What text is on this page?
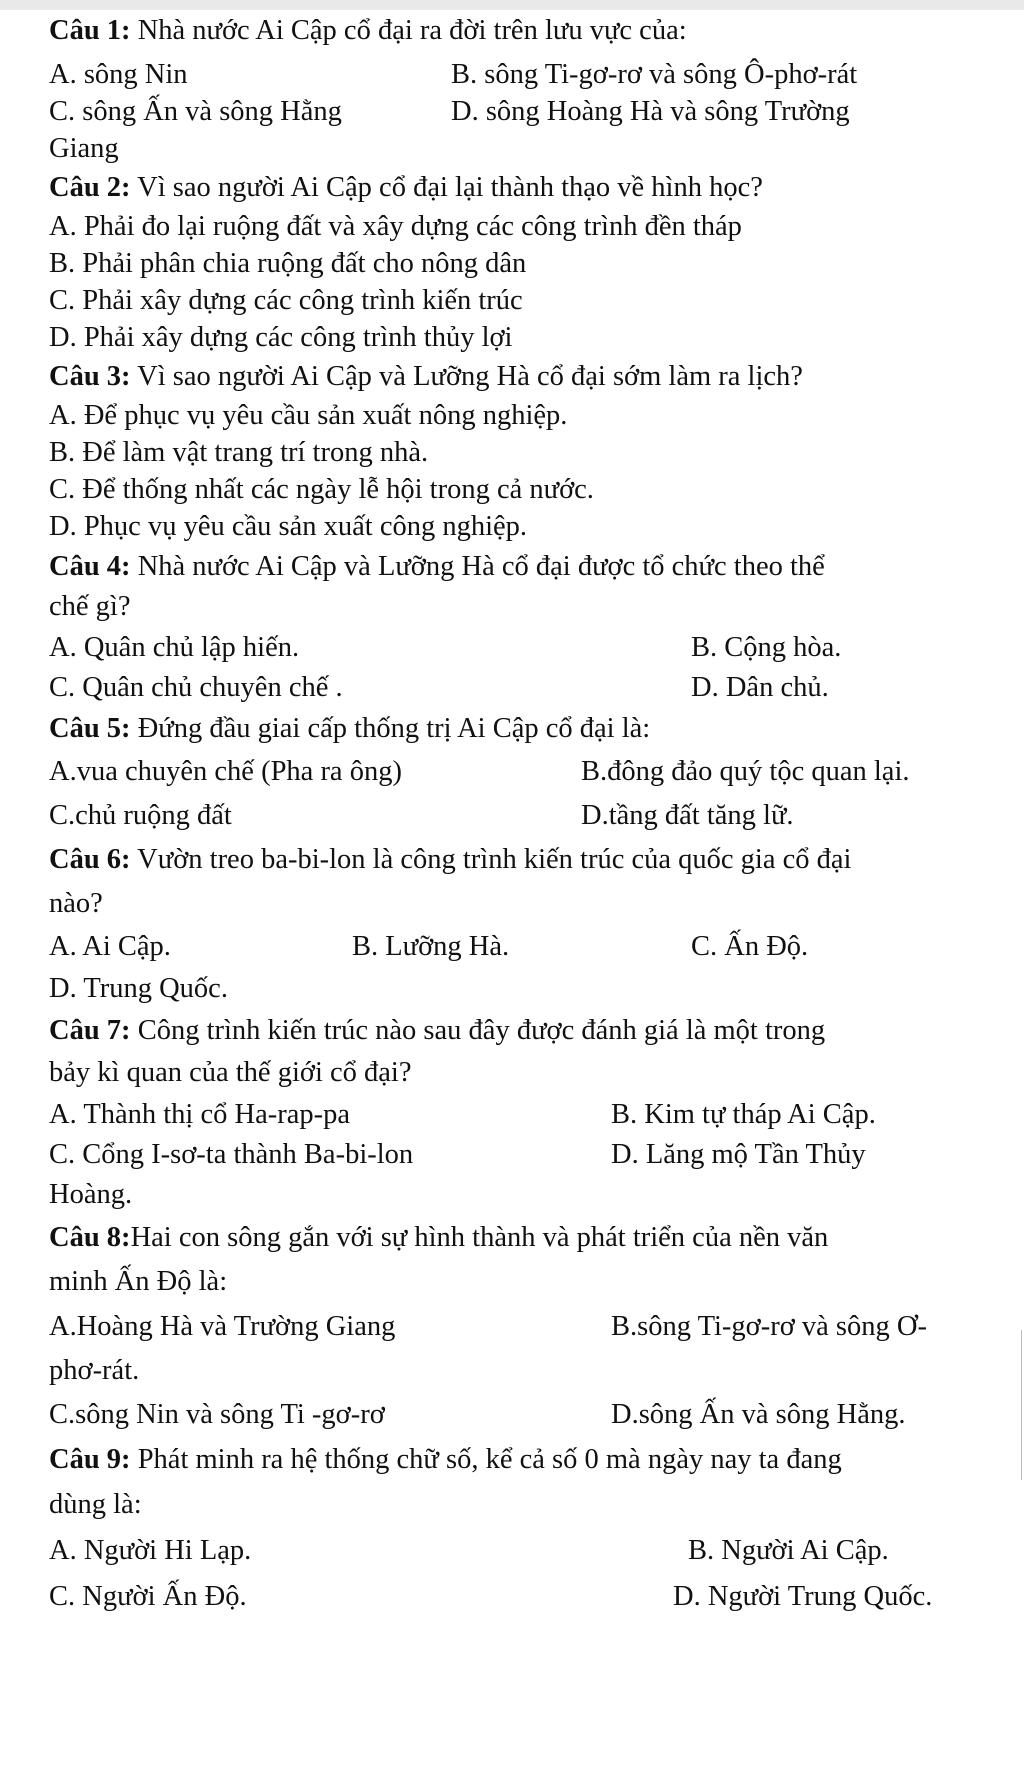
Câu 1: Nhà nước Ai Cập cổ đại ra đời trên lưu vực của:
A. sông Nin	B. sông Ti-gơ-rơ và sông Ô-phơ-rát
C. sông Ấn và sông Hằng	D. sông Hoàng Hà và sông Trường
Giang
Câu 2: Vì sao người Ai Cập cổ đại lại thành thạo về hình học?
A. Phải đo lại ruộng đất và xây dựng các công trình đền tháp
B. Phải phân chia ruộng đất cho nông dân
C. Phải xây dựng các công trình kiến trúc
D. Phải xây dựng các công trình thủy lợi
Câu 3: Vì sao người Ai Cập và Lưỡng Hà cổ đại sớm làm ra lịch?
A. Để phục vụ yêu cầu sản xuất nông nghiệp.
B. Để làm vật trang trí trong nhà.
C. Để thống nhất các ngày lễ hội trong cả nước.
D. Phục vụ yêu cầu sản xuất công nghiệp.
Câu 4: Nhà nước Ai Cập và Lưỡng Hà cổ đại được tổ chức theo thể
chế gì?
A. Quân chủ lập hiến.	B. Cộng hòa.
C. Quân chủ chuyên chế .	D. Dân chủ.
Câu 5: Đứng đầu giai cấp thống trị Ai Cập cổ đại là:
A.vua chuyên chế (Pha ra ông)	B.đông đảo quý tộc quan lại.
C.chủ ruộng đất	D.tầng đất tăng lữ.
Câu 6: Vườn treo ba-bi-lon là công trình kiến trúc của quốc gia cổ đại
nào?
A. Ai Cập.	B. Lưỡng Hà.	C. Ấn Độ.
D. Trung Quốc.
Câu 7: Công trình kiến trúc nào sau đây được đánh giá là một trong
bảy kì quan của thế giới cổ đại?
A. Thành thị cổ Ha-rap-pa	B. Kim tự tháp Ai Cập.
C. Cổng I-sơ-ta thành Ba-bi-lon	D. Lăng mộ Tần Thủy
Hoàng.
Câu 8:Hai con sông gắn với sự hình thành và phát triển của nền văn
minh Ấn Độ là:
A.Hoàng Hà và Trường Giang	B.sông Ti-gơ-rơ và sông Ơ-
phơ-rát.
C.sông Nin và sông Ti -gơ-rơ	D.sông Ấn và sông Hằng.
Câu 9: Phát minh ra hệ thống chữ số, kể cả số 0 mà ngày nay ta đang
dùng là:
A. Người Hi Lạp.	B. Người Ai Cập.
C. Người Ấn Độ.	D. Người Trung Quốc.
